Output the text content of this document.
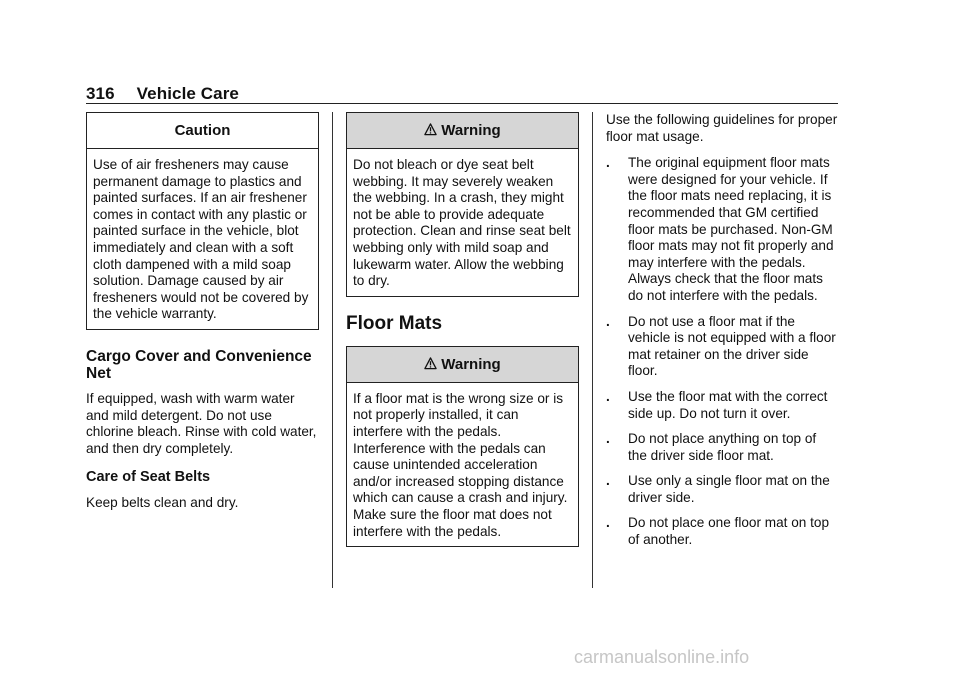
316 Vehicle Care
Caution
Use of air fresheners may cause permanent damage to plastics and painted surfaces. If an air freshener comes in contact with any plastic or painted surface in the vehicle, blot immediately and clean with a soft cloth dampened with a mild soap solution. Damage caused by air fresheners would not be covered by the vehicle warranty.
Cargo Cover and Convenience Net

If equipped, wash with warm water and mild detergent. Do not use chlorine bleach. Rinse with cold water, and then dry completely.

Care of Seat Belts

Keep belts clean and dry.

Warning
Do not bleach or dye seat belt webbing. It may severely weaken the webbing. In a crash, they might not be able to provide adequate protection. Clean and rinse seat belt webbing only with mild soap and lukewarm water. Allow the webbing to dry.
Floor Mats
Warning
If a floor mat is the wrong size or is not properly installed, it can interfere with the pedals. Interference with the pedals can cause unintended acceleration and/or increased stopping distance which can cause a crash and injury. Make sure the floor mat does not interfere with the pedals.

Use the following guidelines for proper floor mat usage.

. The original equipment floor mats were designed for your vehicle. If the floor mats need replacing, it is recommended that GM certified floor mats be purchased. Non-GM floor mats may not fit properly and may interfere with the pedals. Always check that the floor mats do not interfere with the pedals.
. Do not use a floor mat if the vehicle is not equipped with a floor mat retainer on the driver side floor.
. Use the floor mat with the correct side up. Do not turn it over.
. Do not place anything on top of the driver side floor mat.
. Use only a single floor mat on the driver side.
. Do not place one floor mat on top of another.
carmanualsonline.info
